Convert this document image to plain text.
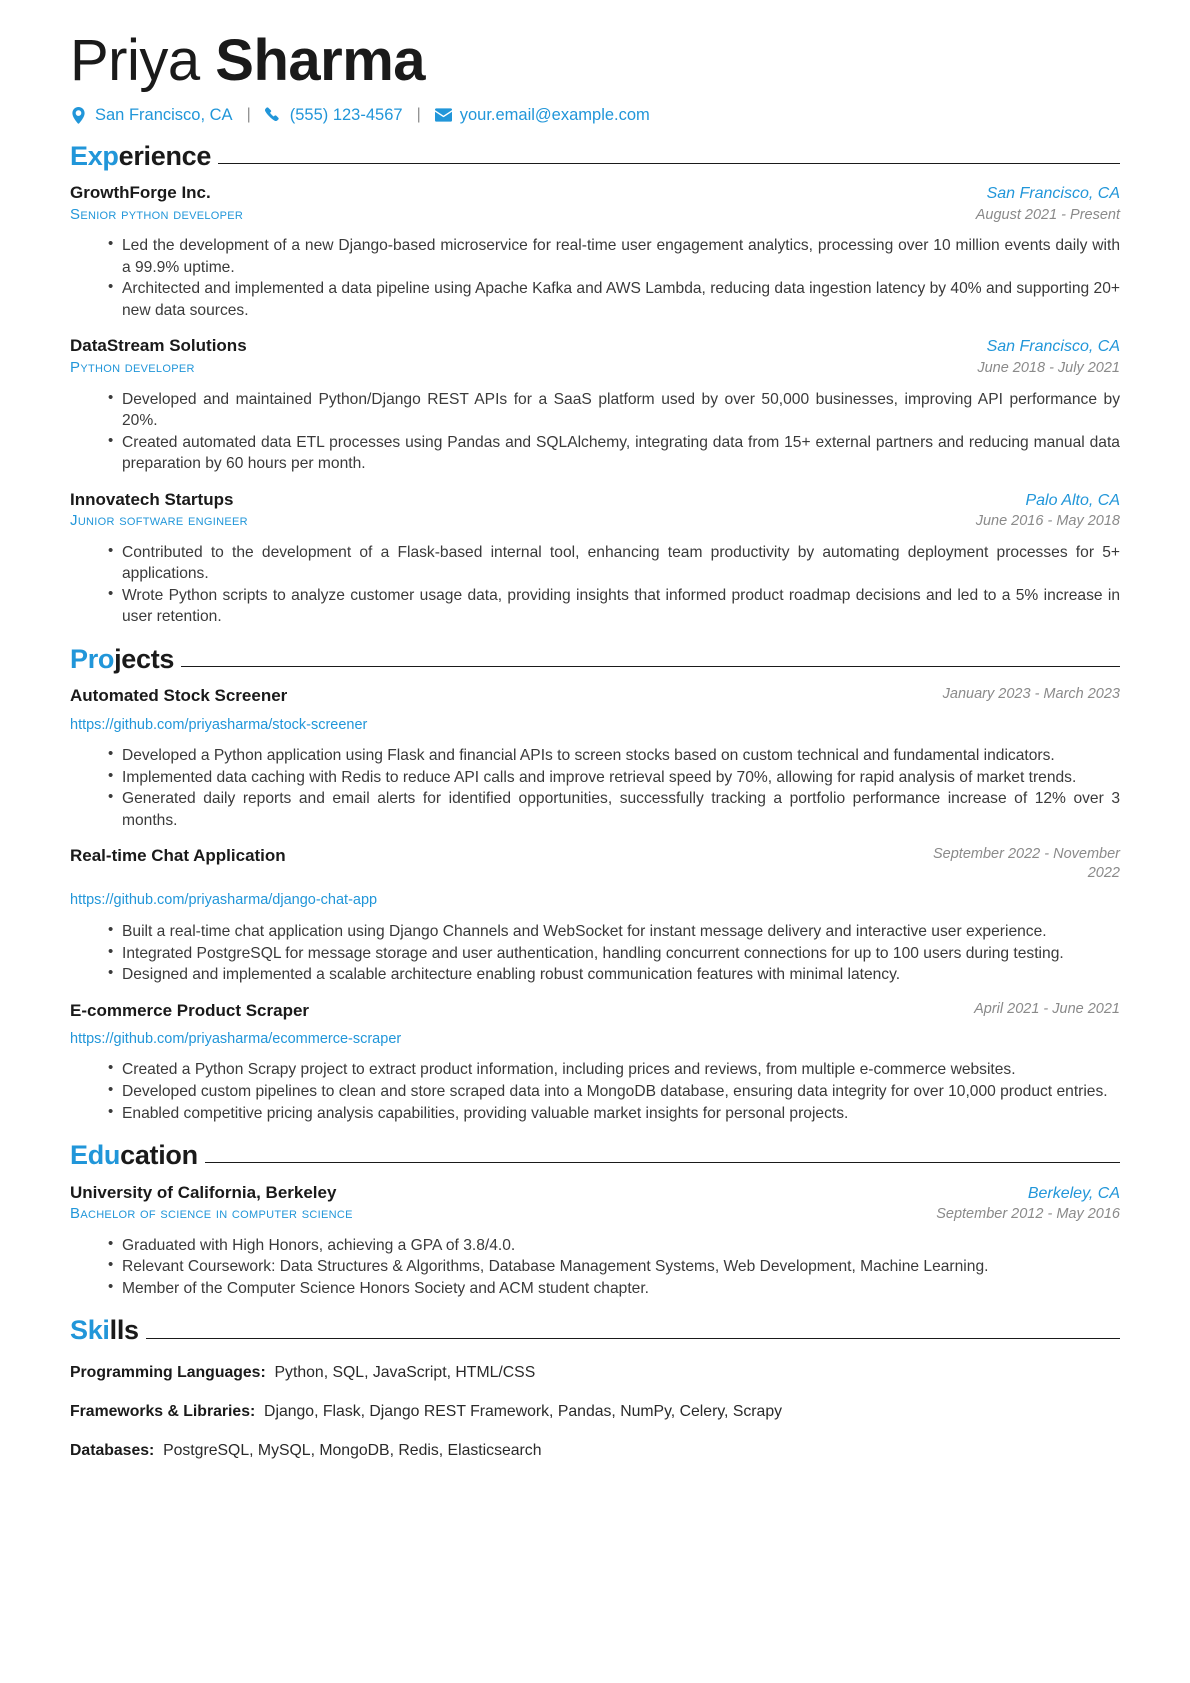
Priya Sharma
San Francisco, CA |	(555) 123-4567 |	your.email@example.com
Experience
GrowthForge Inc.	San Francisco, CA
Senior python developer	August 2021 - Present
• Led the development of a new Django-based microservice for real-time user engagement analytics, processing over 10 million events daily with a 99.9% uptime.
• Architected and implemented a data pipeline using Apache Kafka and AWS Lambda, reducing data ingestion latency by 40% and supporting 20+ new data sources.
DataStream Solutions	San Francisco, CA
Python developer	June 2018 - July 2021
• Developed and maintained Python/Django REST APIs for a SaaS platform used by over 50,000 businesses, improving API performance by 20%.
• Created automated data ETL processes using Pandas and SQLAlchemy, integrating data from 15+ external partners and reducing manual data preparation by 60 hours per month.
Innovatech Startups	Palo Alto, CA
Junior software engineer	June 2016 - May 2018
• Contributed to the development of a Flask-based internal tool, enhancing team productivity by automating deployment processes for 5+ applications.
• Wrote Python scripts to analyze customer usage data, providing insights that informed product roadmap decisions and led to a 5% increase in user retention.
Projects
Automated Stock Screener	January 2023 - March 2023
https://github.com/priyasharma/stock-screener
• Developed a Python application using Flask and financial APIs to screen stocks based on custom technical and fundamental indicators.
• Implemented data caching with Redis to reduce API calls and improve retrieval speed by 70%, allowing for rapid analysis of market trends.
• Generated daily reports and email alerts for identified opportunities, successfully tracking a portfolio performance increase of 12% over 3 months.
Real-time Chat Application	September 2022 - November 2022
https://github.com/priyasharma/django-chat-app
• Built a real-time chat application using Django Channels and WebSocket for instant message delivery and interactive user experience.
• Integrated PostgreSQL for message storage and user authentication, handling concurrent connections for up to 100 users during testing.
• Designed and implemented a scalable architecture enabling robust communication features with minimal latency.
E-commerce Product Scraper	April 2021 - June 2021
https://github.com/priyasharma/ecommerce-scraper
• Created a Python Scrapy project to extract product information, including prices and reviews, from multiple e-commerce websites.
• Developed custom pipelines to clean and store scraped data into a MongoDB database, ensuring data integrity for over 10,000 product entries.
• Enabled competitive pricing analysis capabilities, providing valuable market insights for personal projects.
Education
University of California, Berkeley	Berkeley, CA
Bachelor of science in computer science	September 2012 - May 2016
• Graduated with High Honors, achieving a GPA of 3.8/4.0.
• Relevant Coursework: Data Structures & Algorithms, Database Management Systems, Web Development, Machine Learning.
• Member of the Computer Science Honors Society and ACM student chapter.
Skills
Programming Languages: Python, SQL, JavaScript, HTML/CSS
Frameworks & Libraries: Django, Flask, Django REST Framework, Pandas, NumPy, Celery, Scrapy
Databases: PostgreSQL, MySQL, MongoDB, Redis, Elasticsearch
